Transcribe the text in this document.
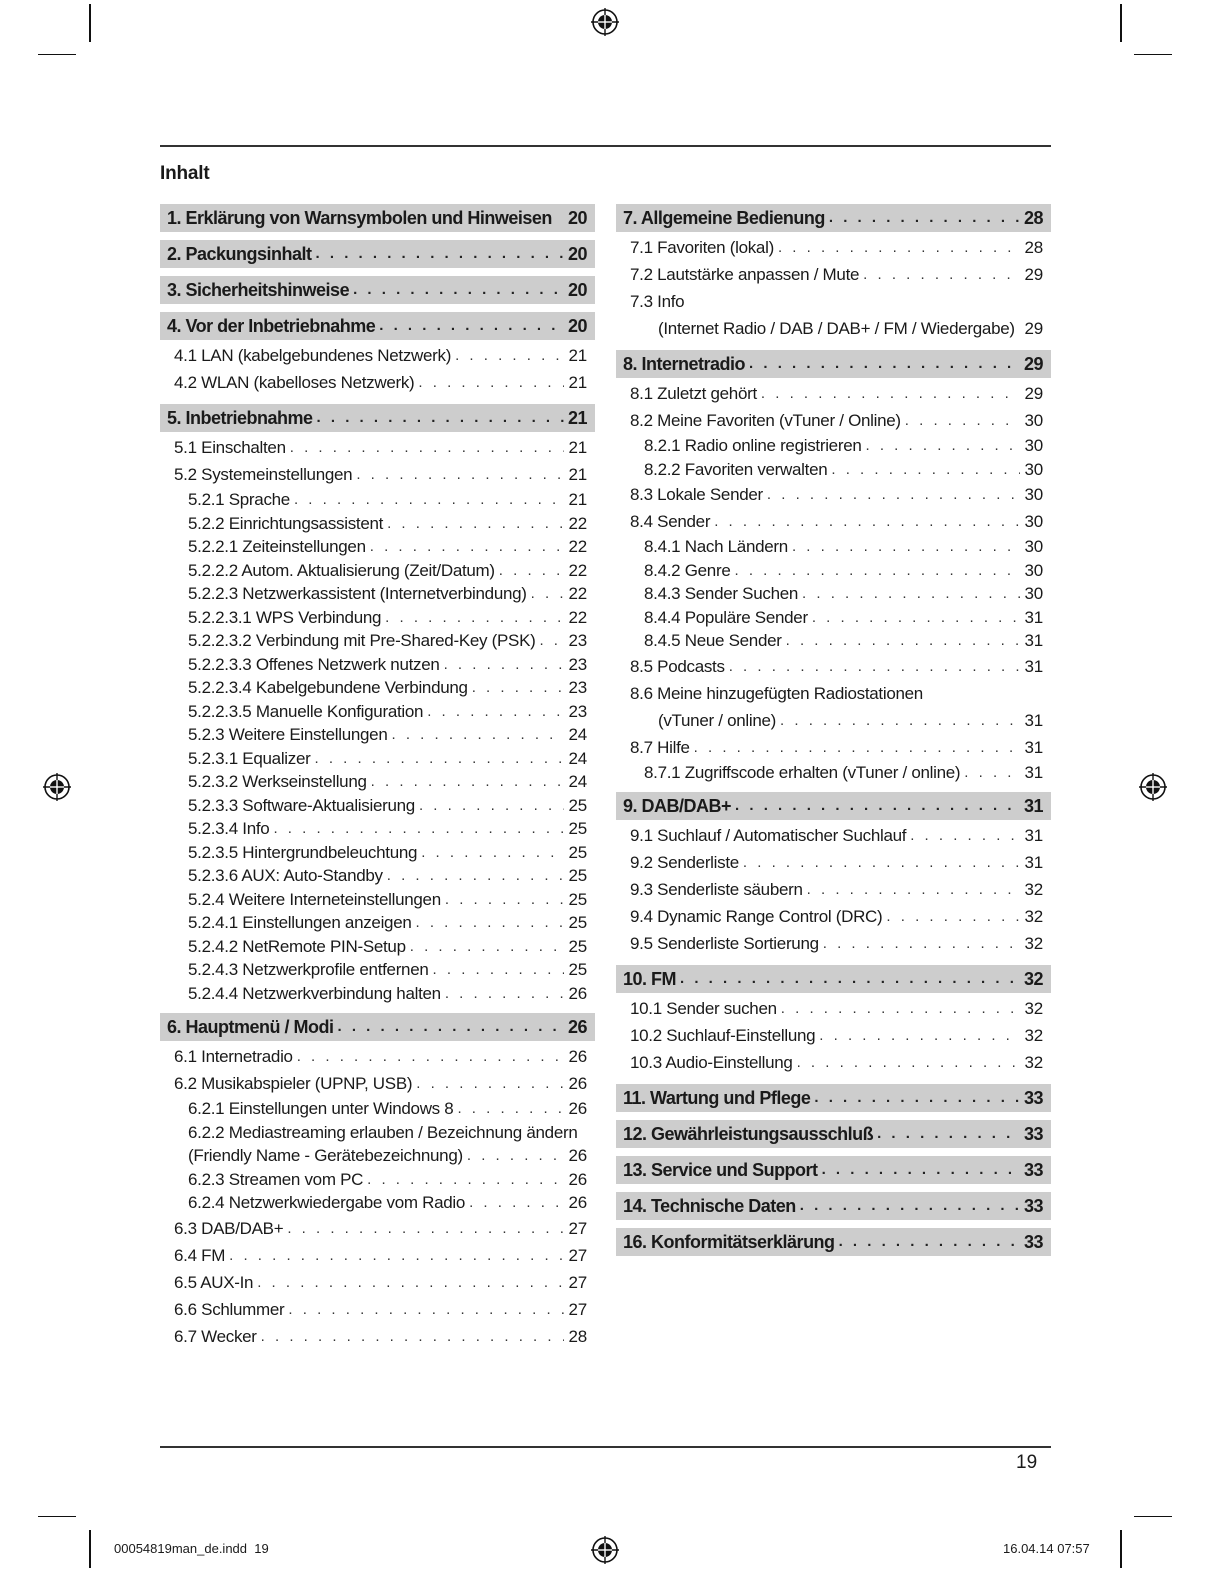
Inhalt
1. Erklärung von Warnsymbolen und Hinweisen 20
2. Packungsinhalt . . .	20
3. Sicherheitshinweise . . .	20
4. Vor der Inbetriebnahme . . .	20
4.1 LAN (kabelgebundenes Netzwerk) . . .	21
4.2 WLAN (kabelloses Netzwerk) . . .	21
5. Inbetriebnahme . . .	21
5.1 Einschalten . . .	21
5.2 Systemeinstellungen . . .	21
5.2.1 Sprache . . .	21
5.2.2 Einrichtungsassistent . . .	22
5.2.2.1 Zeiteinstellungen . . .	22
5.2.2.2 Autom. Aktualisierung (Zeit/Datum) . . .	22
5.2.2.3 Netzwerkassistent (Internetverbindung) . . . 22
5.2.2.3.1 WPS Verbindung . . .	22
5.2.2.3.2 Verbindung mit Pre-Shared-Key (PSK) . . . 23
5.2.2.3.3 Offenes Netzwerk nutzen . . .	23
5.2.2.3.4 Kabelgebundene Verbindung . . .	23
5.2.2.3.5 Manuelle Konfiguration . . .	23
5.2.3 Weitere Einstellungen . . .	24
5.2.3.1 Equalizer . . .	24
5.2.3.2 Werkseinstellung . . .	24
5.2.3.3 Software-Aktualisierung . . .	25
5.2.3.4 Info . . .	25
5.2.3.5 Hintergrundbeleuchtung . . .	25
5.2.3.6 AUX: Auto-Standby . . .	25
5.2.4 Weitere Interneteinstellungen . . .	25
5.2.4.1 Einstellungen anzeigen . . .	25
5.2.4.2 NetRemote PIN-Setup . . .	25
5.2.4.3 Netzwerkprofile entfernen . . .	25
5.2.4.4 Netzwerkverbindung halten . . .	26
6. Hauptmenü / Modi . . .	26
6.1 Internetradio . . .	26
6.2 Musikabspieler (UPNP, USB) . . .	26
6.2.1 Einstellungen unter Windows 8 . . .	26
6.2.2 Mediastreaming erlauben / Bezeichnung ändern
(Friendly Name - Gerätebezeichnung) . . .	26
6.2.3 Streamen vom PC . . .	26
6.2.4 Netzwerkwiedergabe vom Radio . . .	26
6.3 DAB/DAB+ . . .	27
6.4 FM . . .	27
6.5 AUX-In . . .	27
6.6 Schlummer . . .	27
6.7 Wecker . . .	28
7. Allgemeine Bedienung . . .	28
7.1 Favoriten (lokal) . . .	28
7.2 Lautstärke anpassen / Mute . . .	29
7.3 Info
(Internet Radio / DAB / DAB+ / FM / Wiedergabe) . . . 29
8. Internetradio . . .	29
8.1 Zuletzt gehört . . .	29
8.2 Meine Favoriten (vTuner / Online) . . .	30
8.2.1 Radio online registrieren . . .	30
8.2.2 Favoriten verwalten . . .	30
8.3 Lokale Sender . . .	30
8.4 Sender . . .	30
8.4.1 Nach Ländern . . .	30
8.4.2 Genre . . .	30
8.4.3 Sender Suchen . . .	30
8.4.4 Populäre Sender . . .	31
8.4.5 Neue Sender . . .	31
8.5 Podcasts . . .	31
8.6 Meine hinzugefügten Radiostationen
(vTuner / online) . . .	31
8.7 Hilfe . . .	31
8.7.1 Zugriffscode erhalten (vTuner / online) . . .	31
9. DAB/DAB+ . . .	31
9.1 Suchlauf / Automatischer Suchlauf . . .	31
9.2 Senderliste . . .	31
9.3 Senderliste säubern . . .	32
9.4 Dynamic Range Control (DRC) . . .	32
9.5 Senderliste Sortierung . . .	32
10. FM . . .	32
10.1 Sender suchen . . .	32
10.2 Suchlauf-Einstellung . . .	32
10.3 Audio-Einstellung . . .	32
11. Wartung und Pflege . . .	33
12. Gewährleistungsausschluß . . .	33
13. Service und Support . . .	33
14. Technische Daten . . .	33
16. Konformitätserklärung . . .	33
19
00054819man_de.indd 19	16.04.14 07:57
